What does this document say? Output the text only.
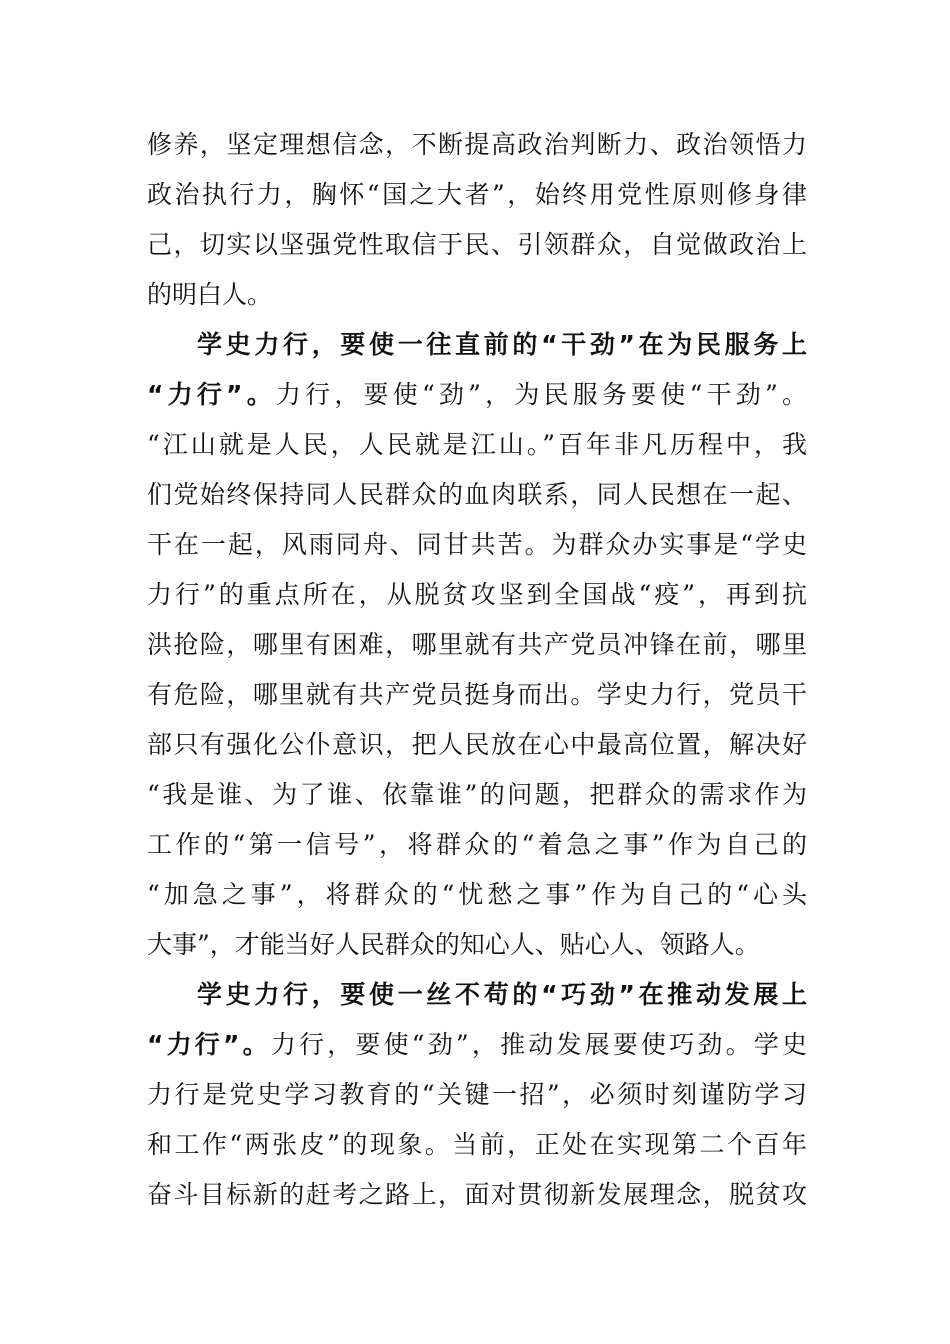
修养，坚定理想信念，不断提高政治判断力、政治领悟力
政治执行力，胸怀“国之大者”，始终用党性原则修身律
己，切实以坚强党性取信于民、引领群众，自觉做政治上
的明白人。
学史力行，要使一往直前的“干劲”在为民服务上
“力行”。力行，要使“劲”，为民服务要使“干劲”。
“江山就是人民，人民就是江山。”百年非凡历程中，我
们党始终保持同人民群众的血肉联系，同人民想在一起、
干在一起，风雨同舟、同甘共苦。为群众办实事是“学史
力行”的重点所在，从脱贫攻坚到全国战“疫”，再到抗
洪抢险，哪里有困难，哪里就有共产党员冲锋在前，哪里
有危险，哪里就有共产党员挺身而出。学史力行，党员干
部只有强化公仆意识，把人民放在心中最高位置，解决好
“我是谁、为了谁、依靠谁”的问题，把群众的需求作为
工作的“第一信号”，将群众的“着急之事”作为自己的
“加急之事”，将群众的“忧愁之事”作为自己的“心头
大事”，才能当好人民群众的知心人、贴心人、领路人。
学史力行，要使一丝不苟的“巧劲”在推动发展上
“力行”。力行，要使“劲”，推动发展要使巧劲。学史
力行是党史学习教育的“关键一招”，必须时刻谨防学习
和工作“两张皮”的现象。当前，正处在实现第二个百年
奋斗目标新的赶考之路上，面对贯彻新发展理念，脱贫攻
